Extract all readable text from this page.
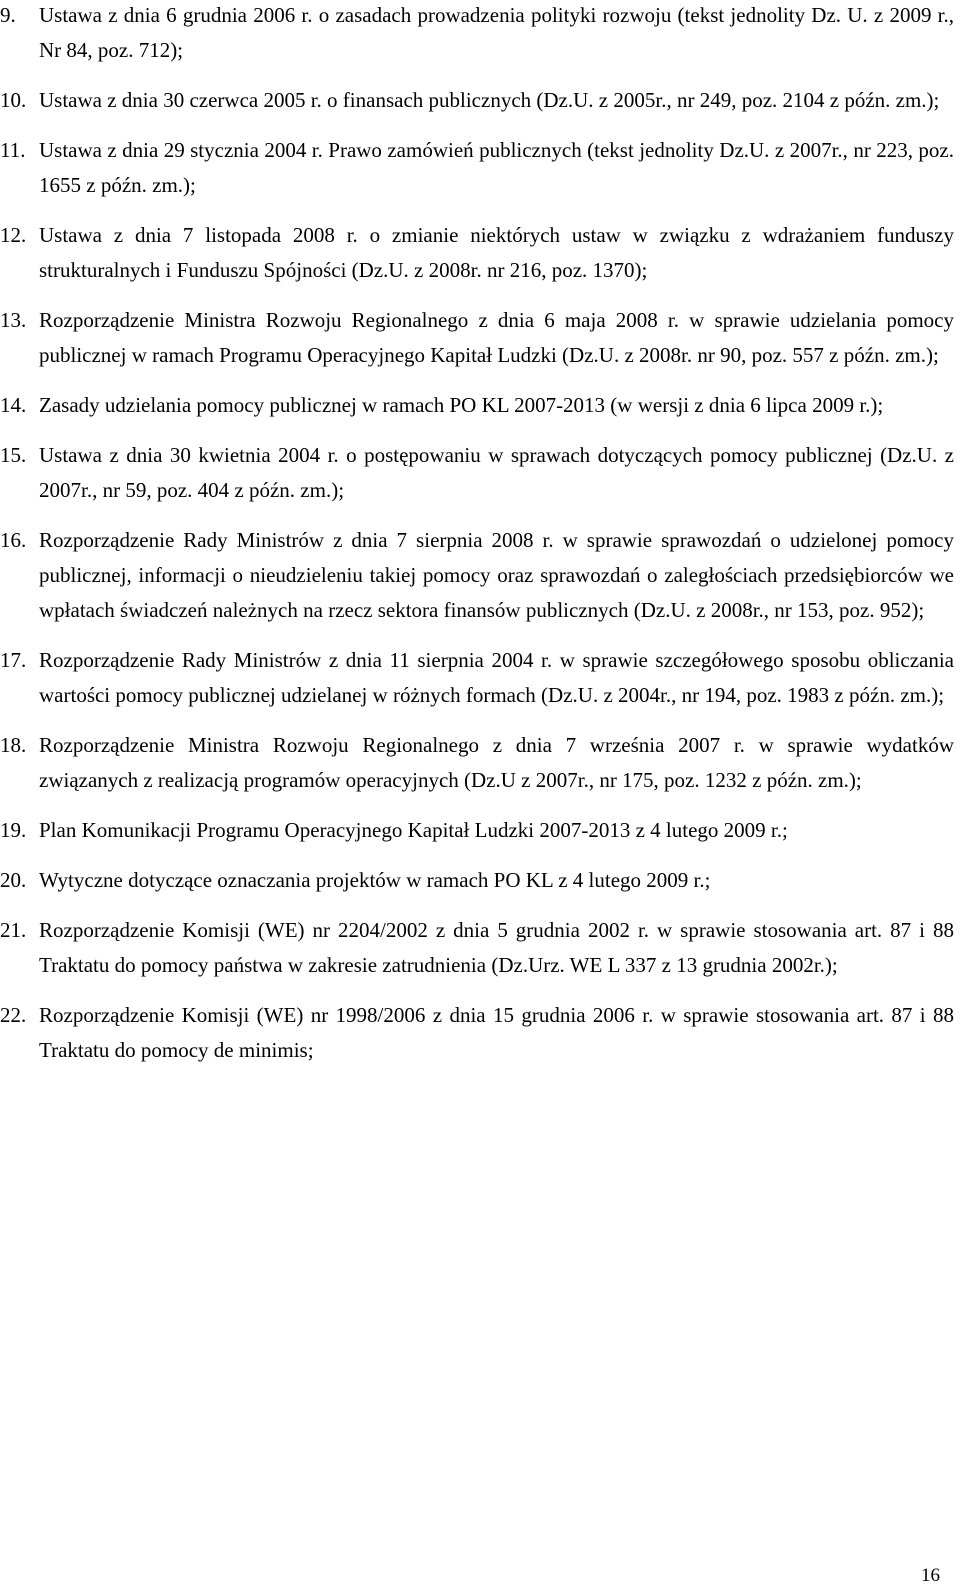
9.	Ustawa z dnia 6 grudnia 2006 r. o zasadach prowadzenia polityki rozwoju (tekst jednolity Dz. U. z 2009 r., Nr 84, poz. 712);
10. Ustawa z dnia 30 czerwca 2005 r. o finansach publicznych (Dz.U. z 2005r., nr 249, poz. 2104 z późn. zm.);
11. Ustawa z dnia 29 stycznia 2004 r. Prawo zamówień publicznych (tekst jednolity Dz.U. z 2007r., nr 223, poz. 1655 z późn. zm.);
12. Ustawa z dnia 7 listopada 2008 r. o zmianie niektórych ustaw w związku z wdrażaniem funduszy strukturalnych i Funduszu Spójności (Dz.U. z 2008r. nr 216, poz. 1370);
13. Rozporządzenie Ministra Rozwoju Regionalnego z dnia 6 maja 2008 r. w sprawie udzielania pomocy publicznej w ramach Programu Operacyjnego Kapitał Ludzki (Dz.U. z 2008r. nr 90, poz. 557 z późn. zm.);
14. Zasady udzielania pomocy publicznej w ramach PO KL 2007-2013 (w wersji z dnia 6 lipca 2009 r.);
15. Ustawa z dnia 30 kwietnia 2004 r. o postępowaniu w sprawach dotyczących pomocy publicznej (Dz.U. z 2007r., nr 59, poz. 404 z późn. zm.);
16. Rozporządzenie Rady Ministrów z dnia 7 sierpnia 2008 r. w sprawie sprawozdań o udzielonej pomocy publicznej, informacji o nieudzieleniu takiej pomocy oraz sprawozdań o zaległościach przedsiębiorców we wpłatach świadczeń należnych na rzecz sektora finansów publicznych (Dz.U. z 2008r., nr 153, poz. 952);
17. Rozporządzenie Rady Ministrów z dnia 11 sierpnia 2004 r. w sprawie szczegółowego sposobu obliczania wartości pomocy publicznej udzielanej w różnych formach (Dz.U. z 2004r., nr 194, poz. 1983 z późn. zm.);
18. Rozporządzenie Ministra Rozwoju Regionalnego z dnia 7 września 2007 r. w sprawie wydatków związanych z realizacją programów operacyjnych (Dz.U z 2007r., nr 175, poz. 1232 z późn. zm.);
19. Plan Komunikacji Programu Operacyjnego Kapitał Ludzki 2007-2013 z 4 lutego 2009 r.;
20. Wytyczne dotyczące oznaczania projektów w ramach PO KL z 4 lutego 2009 r.;
21. Rozporządzenie Komisji (WE) nr 2204/2002 z dnia 5 grudnia 2002 r. w sprawie stosowania art. 87 i 88 Traktatu do pomocy państwa w zakresie zatrudnienia (Dz.Urz. WE L 337 z 13 grudnia 2002r.);
22. Rozporządzenie Komisji (WE) nr 1998/2006 z dnia 15 grudnia 2006 r. w sprawie stosowania art. 87 i 88 Traktatu do pomocy de minimis;
16
